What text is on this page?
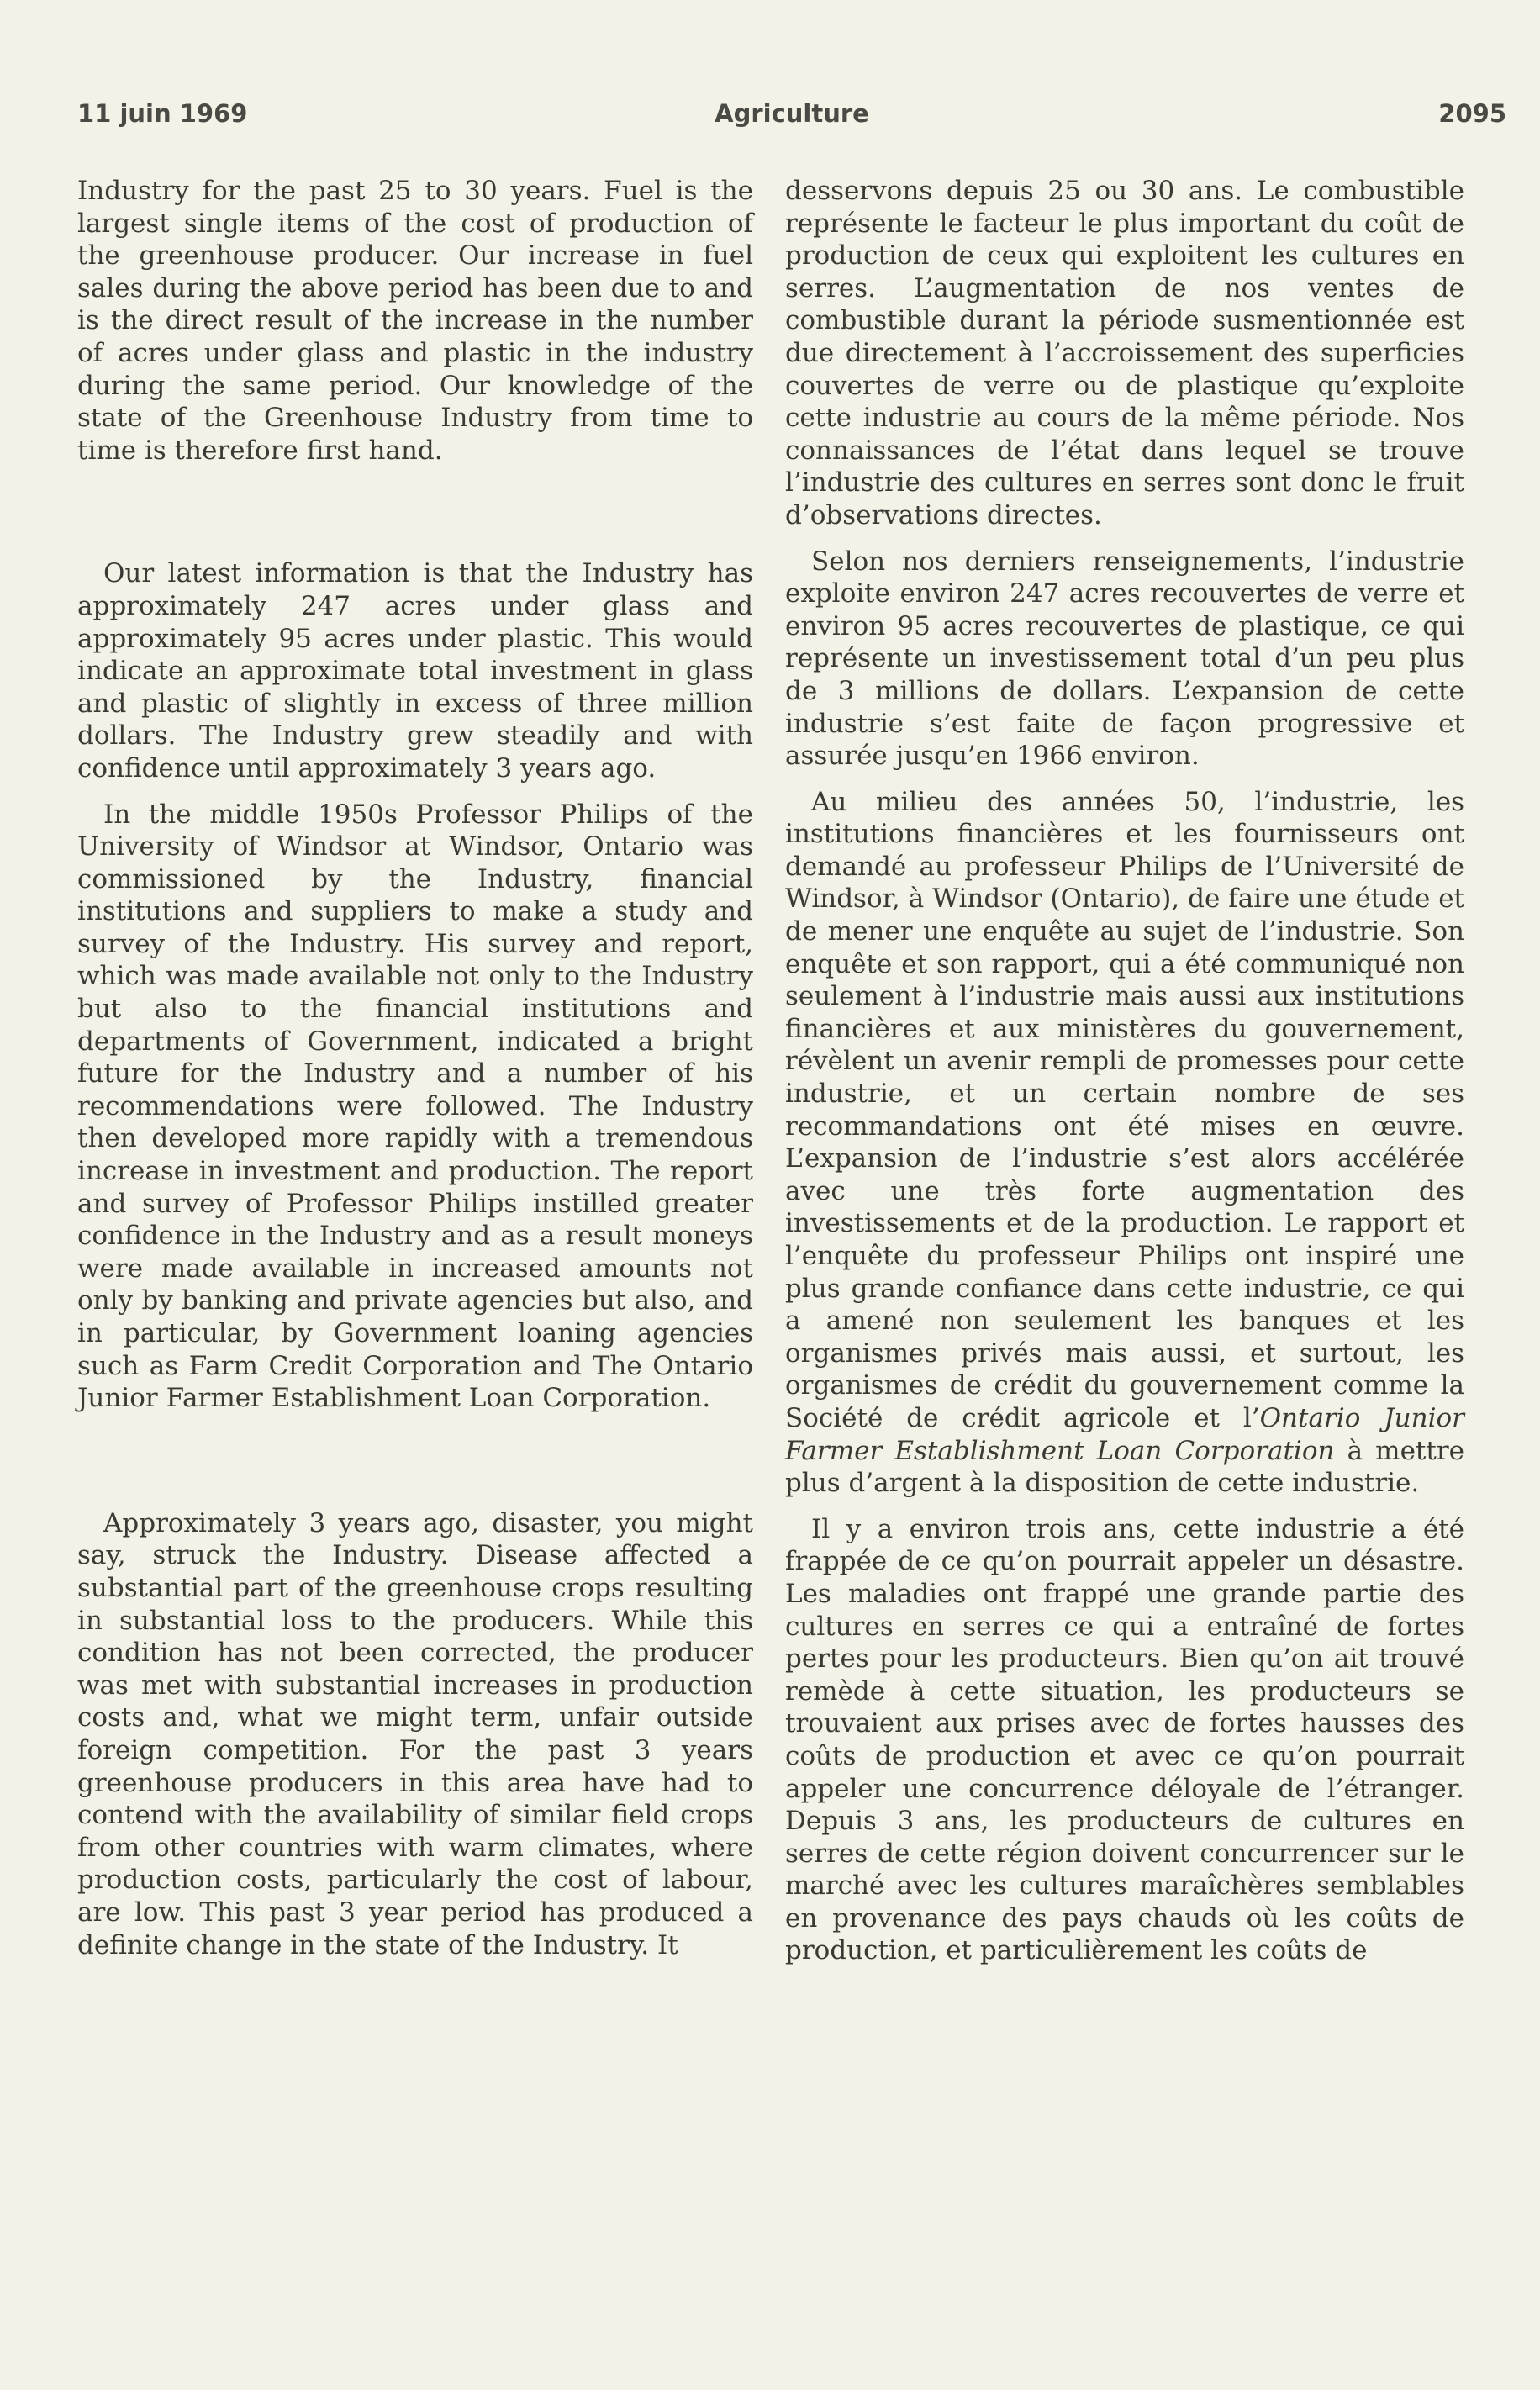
11 juin 1969	Agriculture	2095

Industry for the past 25 to 30 years. Fuel is the largest single items of the cost of production of the greenhouse producer. Our increase in fuel sales during the above period has been due to and is the direct result of the increase in the number of acres under glass and plastic in the industry during the same period. Our knowledge of the state of the Greenhouse Industry from time to time is therefore first hand.

Our latest information is that the Industry has approximately 247 acres under glass and approximately 95 acres under plastic. This would indicate an approximate total investment in glass and plastic of slightly in excess of three million dollars. The Industry grew steadily and with confidence until approximately 3 years ago.

In the middle 1950s Professor Philips of the University of Windsor at Windsor, Ontario was commissioned by the Industry, financial institutions and suppliers to make a study and survey of the Industry. His survey and report, which was made available not only to the Industry but also to the financial institutions and departments of Government, indicated a bright future for the Industry and a number of his recommendations were followed. The Industry then developed more rapidly with a tremendous increase in investment and production. The report and survey of Professor Philips instilled greater confidence in the Industry and as a result moneys were made available in increased amounts not only by banking and private agencies but also, and in particular, by Government loaning agencies such as Farm Credit Corporation and The Ontario Junior Farmer Establishment Loan Corporation.

Approximately 3 years ago, disaster, you might say, struck the Industry. Disease affected a substantial part of the greenhouse crops resulting in substantial loss to the producers. While this condition has not been corrected, the producer was met with substantial increases in production costs and, what we might term, unfair outside foreign competition. For the past 3 years greenhouse producers in this area have had to contend with the availability of similar field crops from other countries with warm climates, where production costs, particularly the cost of labour, are low. This past 3 year period has produced a definite change in the state of the Industry. It

desservons depuis 25 ou 30 ans. Le combustible représente le facteur le plus important du coût de production de ceux qui exploitent les cultures en serres. L’augmentation de nos ventes de combustible durant la période susmentionnée est due directement à l’accroissement des superficies couvertes de verre ou de plastique qu’exploite cette industrie au cours de la même période. Nos connaissances de l’état dans lequel se trouve l’industrie des cultures en serres sont donc le fruit d’observations directes.

Selon nos derniers renseignements, l’industrie exploite environ 247 acres recouvertes de verre et environ 95 acres recouvertes de plastique, ce qui représente un investissement total d’un peu plus de 3 millions de dollars. L’expansion de cette industrie s’est faite de façon progressive et assurée jusqu’en 1966 environ.

Au milieu des années 50, l’industrie, les institutions financières et les fournisseurs ont demandé au professeur Philips de l’Université de Windsor, à Windsor (Ontario), de faire une étude et de mener une enquête au sujet de l’industrie. Son enquête et son rapport, qui a été communiqué non seulement à l’industrie mais aussi aux institutions financières et aux ministères du gouvernement, révèlent un avenir rempli de promesses pour cette industrie, et un certain nombre de ses recommandations ont été mises en œuvre. L’expansion de l’industrie s’est alors accélérée avec une très forte augmentation des investissements et de la production. Le rapport et l’enquête du professeur Philips ont inspiré une plus grande confiance dans cette industrie, ce qui a amené non seulement les banques et les organismes privés mais aussi, et surtout, les organismes de crédit du gouvernement comme la Société de crédit agricole et l’Ontario Junior Farmer Establishment Loan Corporation à mettre plus d’argent à la disposition de cette industrie.

Il y a environ trois ans, cette industrie a été frappée de ce qu’on pourrait appeler un désastre. Les maladies ont frappé une grande partie des cultures en serres ce qui a entraîné de fortes pertes pour les producteurs. Bien qu’on ait trouvé remède à cette situation, les producteurs se trouvaient aux prises avec de fortes hausses des coûts de production et avec ce qu’on pourrait appeler une concurrence déloyale de l’étranger. Depuis 3 ans, les producteurs de cultures en serres de cette région doivent concurrencer sur le marché avec les cultures maraîchères semblables en provenance des pays chauds où les coûts de production, et particulièrement les coûts de
